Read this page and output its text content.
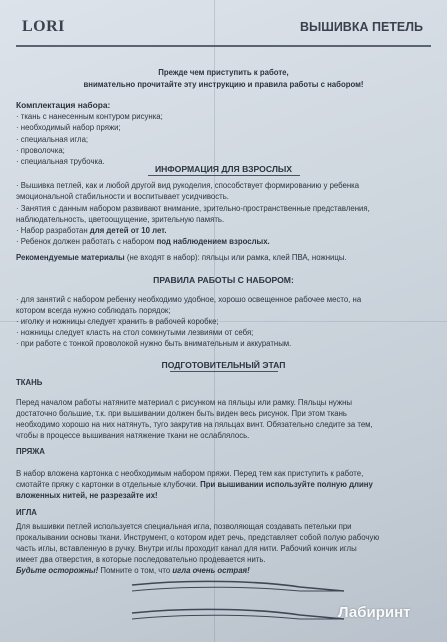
LORI	ВЫШИВКА ПЕТЕЛЬ
Прежде чем приступить к работе,
внимательно прочитайте эту инструкцию и правила работы с набором!
Комплектация набора:
· ткань с нанесенным контуром рисунка;
· необходимый набор пряжи;
· специальная игла;
· проволочка;
· специальная трубочка.
ИНФОРМАЦИЯ ДЛЯ ВЗРОСЛЫХ
· Вышивка петлей, как и любой другой вид рукоделия, способствует формированию у ребенка
эмоциональной стабильности и воспитывает усидчивость.
· Занятия с данным набором развивают внимание, зрительно-пространственные представления,
наблюдательность, цветоощущение, зрительную память.
· Набор разработан для детей от 10 лет.
· Ребенок должен работать с набором под наблюдением взрослых.
Рекомендуемые материалы (не входят в набор): пяльцы или рамка, клей ПВА, ножницы.
ПРАВИЛА РАБОТЫ С НАБОРОМ:
· для занятий с набором ребенку необходимо удобное, хорошо освещенное рабочее место, на
котором всегда нужно соблюдать порядок;
· иголку и ножницы следует хранить в рабочей коробке;
· ножницы следует класть на стол сомкнутыми лезвиями от себя;
· при работе с тонкой проволокой нужно быть внимательным и аккуратным.
ПОДГОТОВИТЕЛЬНЫЙ ЭТАП
ТКАНЬ
Перед началом работы натяните материал с рисунком на пяльцы или рамку. Пяльцы нужны
достаточно большие, т.к. при вышивании должен быть виден весь рисунок. При этом ткань
необходимо хорошо на них натянуть, туго закрутив на пяльцах винт. Обязательно следите за тем,
чтобы в процессе вышивания натяжение ткани не ослаблялось.
ПРЯЖА
В набор вложена картонка с необходимым набором пряжи. Перед тем как приступить к работе,
смотайте пряжу с картонки в отдельные клубочки. При вышивании используйте полную длину
вложенных нитей, не разрезайте их!
ИГЛА
Для вышивки петлей используется специальная игла, позволяющая создавать петельки при
прокалывании основы ткани. Инструмент, о котором идет речь, представляет собой полую рабочую
часть иглы, вставленную в ручку. Внутри иглы проходит канал для нити. Рабочий кончик иглы
имеет два отверстия, в которые последовательно продевается нить.
Будьте осторожны! Помните о том, что игла очень острая!
Лабиринт
